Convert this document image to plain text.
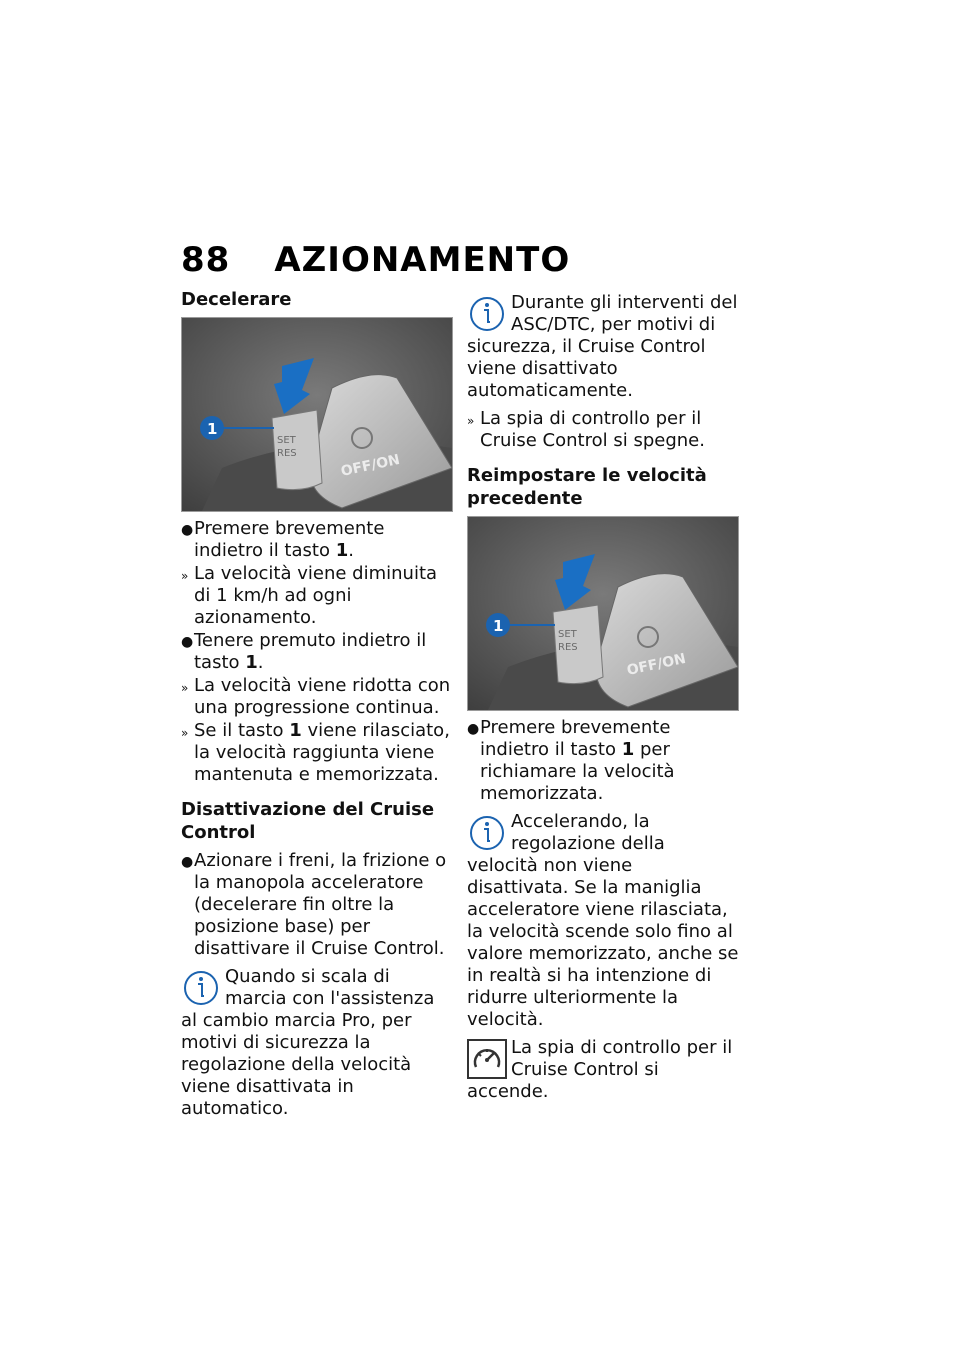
88 AZIONAMENTO
Decelerare
SET
RES	OFF/ON
1
● Premere brevemente indietro il tasto 1.
» La velocità viene diminuita di 1 km/h ad ogni azionamento.
● Tenere premuto indietro il tasto 1.
» La velocità viene ridotta con una progressione continua.
» Se il tasto 1 viene rilasciato, la velocità raggiunta viene mantenuta e memorizzata.
Disattivazione del Cruise Control
● Azionare i freni, la frizione o la manopola acceleratore (decelerare fin oltre la posizione base) per disattivare il Cruise Control.
Quando si scala di marcia con l'assistenza al cambio marcia Pro, per motivi di sicurezza la regolazione della velocità viene disattivata in automatico.
Durante gli interventi del ASC/DTC, per motivi di sicurezza, il Cruise Control viene disattivato automaticamente.
» La spia di controllo per il Cruise Control si spegne.
Reimpostare le velocità precedente
SET
RES
OFF/ON
1
● Premere brevemente indietro il tasto 1 per richiamare la velocità memorizzata.
Accelerando, la regolazione della velocità non viene disattivata. Se la maniglia acceleratore viene rilasciata, la velocità scende solo fino al valore memorizzato, anche se in realtà si ha intenzione di ridurre ulteriormente la velocità.
La spia di controllo per il Cruise Control si accende.
